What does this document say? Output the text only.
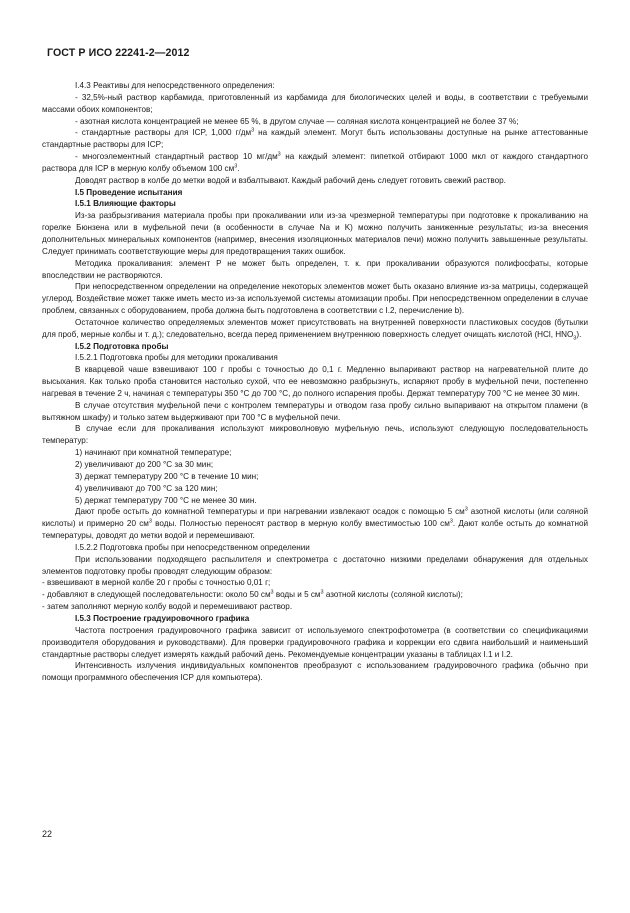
ГОСТ Р ИСО 22241-2—2012

I.4.3 Реактивы для непосредственного определения:

- 32,5%-ный раствор карбамида, приготовленный из карбамида для биологических целей и воды, в соответствии с требуемыми массами обоих компонентов;

- азотная кислота концентрацией не менее 65 %, в другом случае — соляная кислота концентрацией не более 37 %;

- стандартные растворы для ICP, 1,000 $г/дм^3$ на каждый элемент. Могут быть использованы доступные на рынке аттестованные стандартные растворы для ICP;

- многоэлементный стандартный раствор 10 $мг/дм^3$ на каждый элемент: пипеткой отбирают 1000 мкл от каждого стандартного раствора для ICP в мерную колбу объемом 100 $см^3$.

Доводят раствор в колбе до метки водой и взбалтывают. Каждый рабочий день следует готовить свежий раствор.

I.5 Проведение испытания

I.5.1 Влияющие факторы

Из-за разбрызгивания материала пробы при прокаливании или из-за чрезмерной температуры при подготовке к прокаливанию на горелке Бюнзена или в муфельной печи (в особенности в случае Na и K) можно получить заниженные результаты; из-за внесения дополнительных минеральных компонентов (например, внесения изоляционных материалов печи) можно получить завышенные результаты. Следует принимать соответствующие меры для предотвращения таких ошибок.

Методика прокаливания: элемент P не может быть определен, т. к. при прокаливании образуются полифосфаты, которые впоследствии не растворяются.

При непосредственном определении на определение некоторых элементов может быть оказано влияние из-за матрицы, содержащей углерод. Воздействие может также иметь место из-за используемой системы атомизации пробы. При непосредственном определении в случае проблем, связанных с оборудованием, проба должна быть подготовлена в соответствии с I.2, перечисление b).

Остаточное количество определяемых элементов может присутствовать на внутренней поверхности пластиковых сосудов (бутылки для проб, мерные колбы и т. д.); следовательно, всегда перед применением внутреннюю поверхность следует очищать кислотой (HCl, $HNO_3$).

I.5.2 Подготовка пробы

I.5.2.1 Подготовка пробы для методики прокаливания

В кварцевой чаше взвешивают 100 г пробы с точностью до 0,1 г. Медленно выпаривают раствор на нагревательной плите до высыхания. Как только проба становится настолько сухой, что ее невозможно разбрызнуть, испаряют пробу в муфельной печи, постепенно нагревая в течение 2 ч, начиная с температуры 350 °С до 700 °С, до полного испарения пробы. Держат температуру 700 °С не менее 30 мин.

В случае отсутствия муфельной печи с контролем температуры и отводом газа пробу сильно выпаривают на открытом пламени (в вытяжном шкафу) и только затем выдерживают при 700 °С в муфельной печи.

В случае если для прокаливания используют микроволновую муфельную печь, используют следующую последовательность температур:

1) начинают при комнатной температуре;

2) увеличивают до 200 °С за 30 мин;

3) держат температуру 200 °С в течение 10 мин;

4) увеличивают до 700 °С за 120 мин;

5) держат температуру 700 °С не менее 30 мин.

Дают пробе остыть до комнатной температуры и при нагревании извлекают осадок с помощью 5 $см^3$ азотной кислоты (или соляной кислоты) и примерно 20 $см^3$ воды. Полностью переносят раствор в мерную колбу вместимостью 100 $см^3$. Дают колбе остыть до комнатной температуры, доводят до метки водой и перемешивают.

I.5.2.2 Подготовка пробы при непосредственном определении

При использовании подходящего распылителя и спектрометра с достаточно низкими пределами обнаружения для отдельных элементов подготовку пробы проводят следующим образом:

- взвешивают в мерной колбе 20 г пробы с точностью 0,01 г;

- добавляют в следующей последовательности: около 50 $см^3$ воды и 5 $см^3$ азотной кислоты (соляной кислоты);

- затем заполняют мерную колбу водой и перемешивают раствор.

I.5.3 Построение градуировочного графика

Частота построения градуировочного графика зависит от используемого спектрофотометра (в соответствии со спецификациями производителя оборудования и руководствами). Для проверки градуировочного графика и коррекции его сдвига наибольший и наименьший стандартные растворы следует измерять каждый рабочий день. Рекомендуемые концентрации указаны в таблицах I.1 и I.2.

Интенсивность излучения индивидуальных компонентов преобразуют с использованием градуировочного графика (обычно при помощи программного обеспечения ICP для компьютера).

22
